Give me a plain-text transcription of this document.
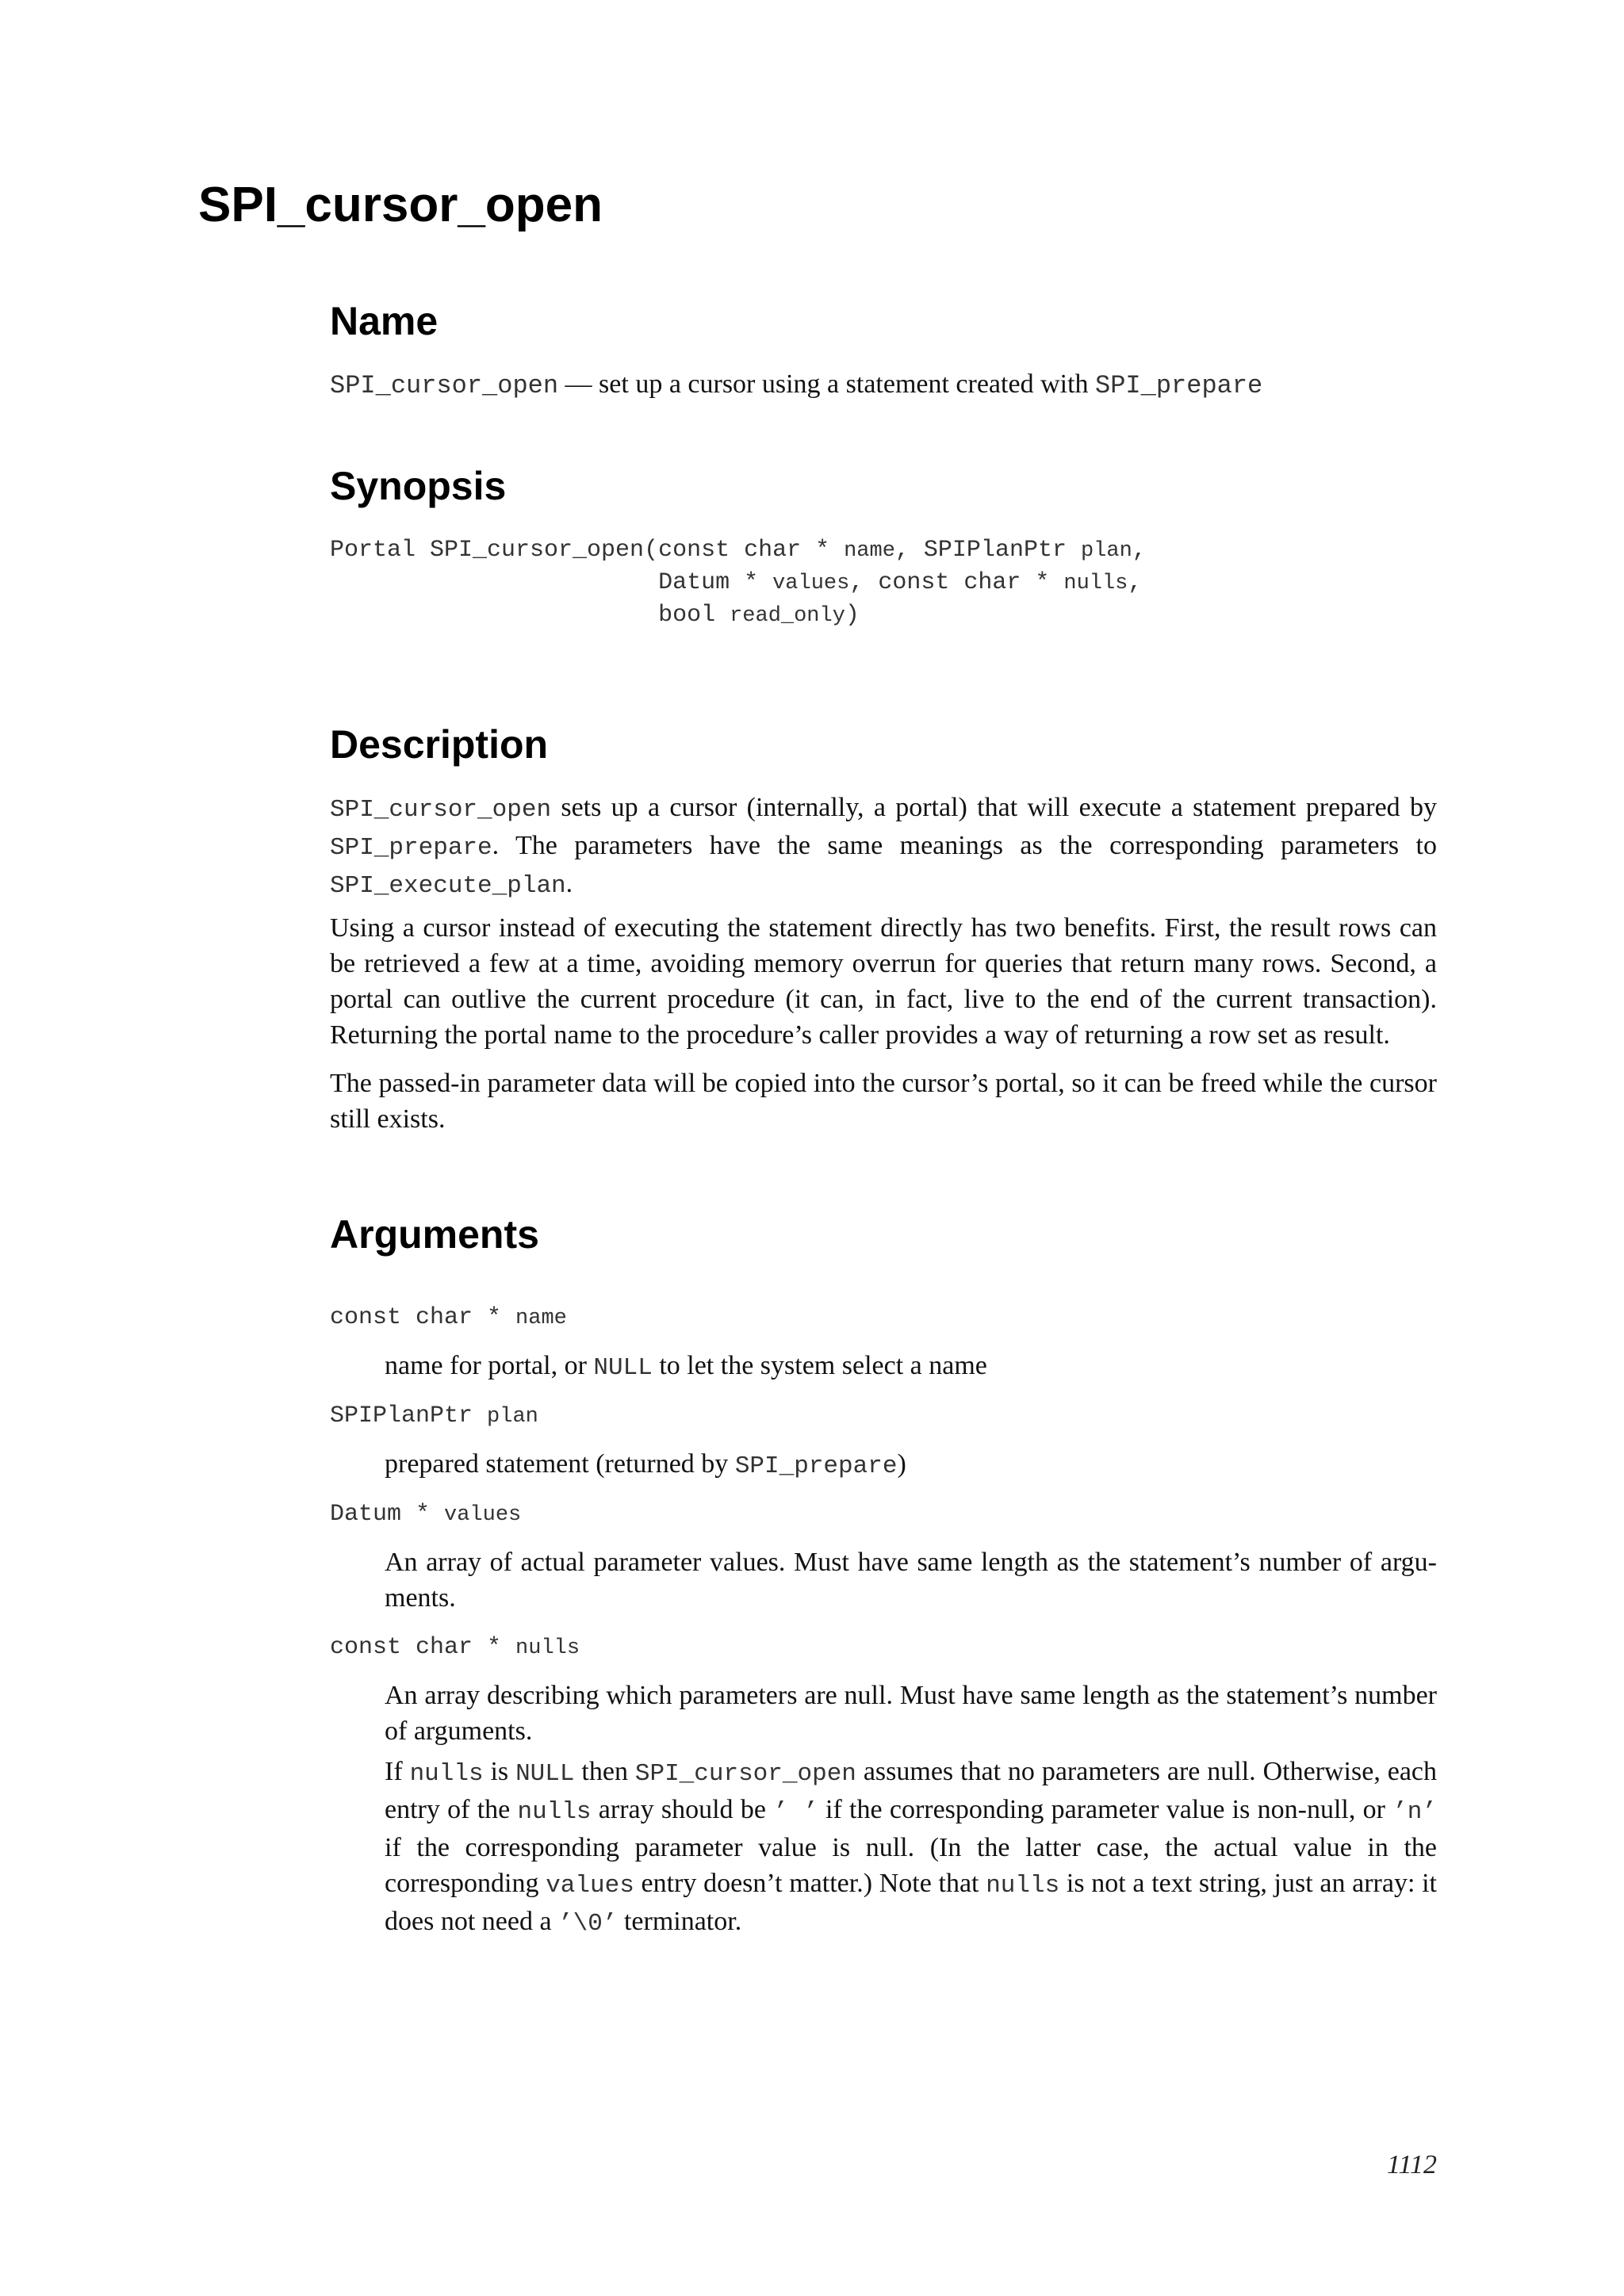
SPI_cursor_open
Name

SPI_cursor_open — set up a cursor using a statement created with SPI_prepare

Synopsis
Portal SPI_cursor_open(const char * name, SPIPlanPtr plan,
Datum * values, const char * nulls,
bool read_only)
Description

SPI_cursor_open sets up a cursor (internally, a portal) that will execute a statement prepared by SPI_prepare. The parameters have the same meanings as the corresponding parameters to SPI_execute_plan.

Using a cursor instead of executing the statement directly has two benefits. First, the result rows can be retrieved a few at a time, avoiding memory overrun for queries that return many rows. Second, a portal can outlive the current procedure (it can, in fact, live to the end of the current transaction). Returning the portal name to the procedure’s caller provides a way of returning a row set as result.

The passed-in parameter data will be copied into the cursor’s portal, so it can be freed while the cursor still exists.

Arguments
const char * name

name for portal, or NULL to let the system select a name

SPIPlanPtr plan

prepared statement (returned by SPI_prepare)

Datum * values

An array of actual parameter values. Must have same length as the statement’s number of argu- ments.

const char * nulls

An array describing which parameters are null. Must have same length as the statement’s number of arguments.

If nulls is NULL then SPI_cursor_open assumes that no parameters are null. Otherwise, each entry of the nulls array should be ’ ’ if the corresponding parameter value is non-null, or ’n’ if the corresponding parameter value is null. (In the latter case, the actual value in the corresponding values entry doesn’t matter.) Note that nulls is not a text string, just an array: it does not need a ’\0’ terminator.

1112
